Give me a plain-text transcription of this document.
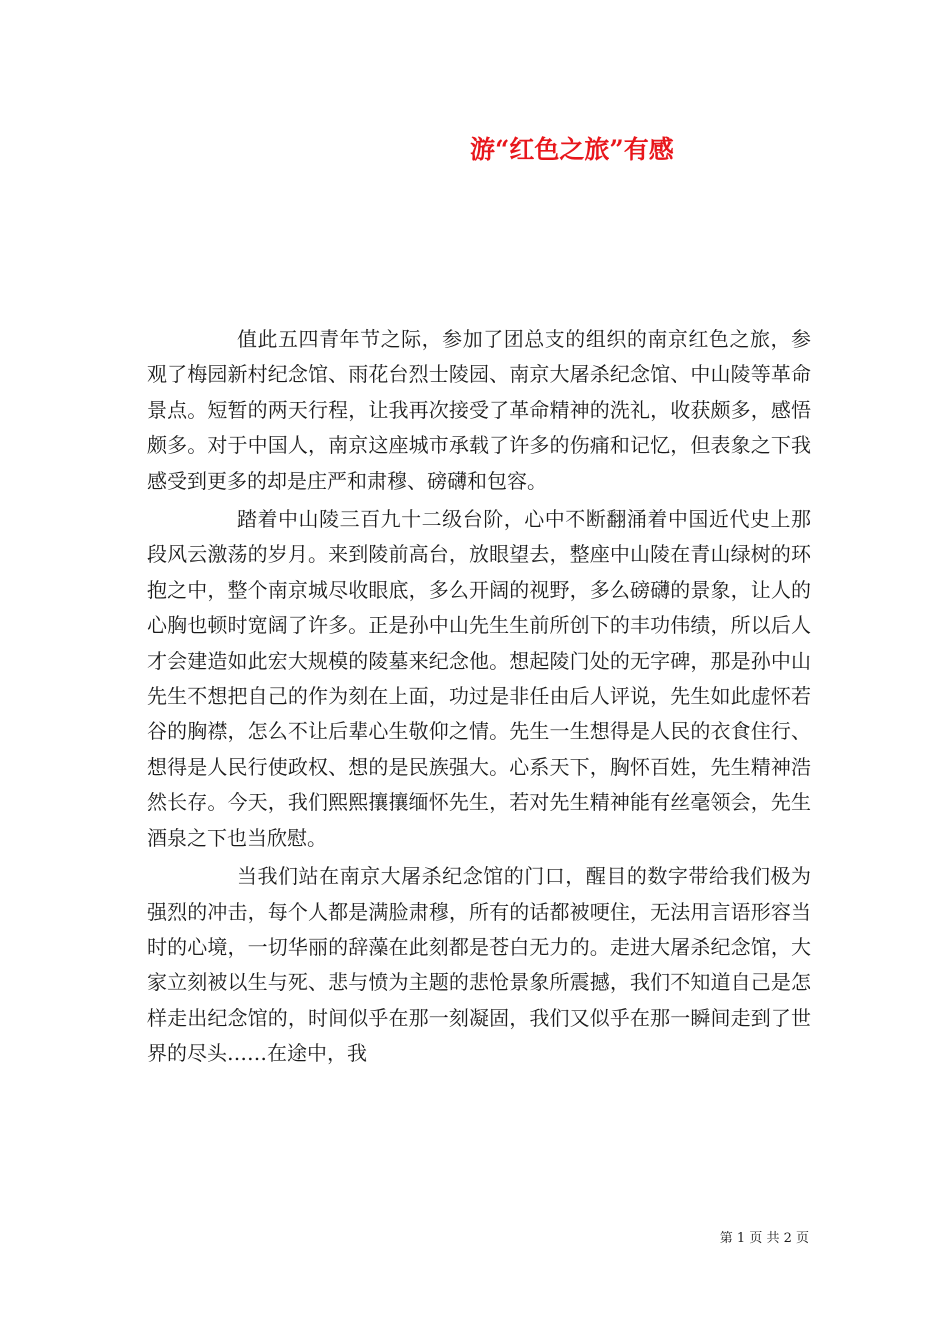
游“红色之旅”有感

值此五四青年节之际，参加了团总支的组织的南京红色之旅，参观了梅园新村纪念馆、雨花台烈士陵园、南京大屠杀纪念馆、中山陵等革命景点。短暂的两天行程，让我再次接受了革命精神的洗礼，收获颇多，感悟颇多。对于中国人，南京这座城市承载了许多的伤痛和记忆，但表象之下我感受到更多的却是庄严和肃穆、磅礴和包容。

踏着中山陵三百九十二级台阶，心中不断翻涌着中国近代史上那段风云激荡的岁月。来到陵前高台，放眼望去，整座中山陵在青山绿树的环抱之中，整个南京城尽收眼底，多么开阔的视野，多么磅礴的景象，让人的心胸也顿时宽阔了许多。正是孙中山先生生前所创下的丰功伟绩，所以后人才会建造如此宏大规模的陵墓来纪念他。想起陵门处的无字碑，那是孙中山先生不想把自己的作为刻在上面，功过是非任由后人评说，先生如此虚怀若谷的胸襟，怎么不让后辈心生敬仰之情。先生一生想得是人民的衣食住行、想得是人民行使政权、想的是民族强大。心系天下，胸怀百姓，先生精神浩然长存。今天，我们熙熙攘攘缅怀先生，若对先生精神能有丝毫领会，先生酒泉之下也当欣慰。

当我们站在南京大屠杀纪念馆的门口，醒目的数字带给我们极为强烈的冲击，每个人都是满脸肃穆，所有的话都被哽住，无法用言语形容当时的心境，一切华丽的辞藻在此刻都是苍白无力的。走进大屠杀纪念馆，大家立刻被以生与死、悲与愤为主题的悲怆景象所震撼，我们不知道自己是怎样走出纪念馆的，时间似乎在那一刻凝固，我们又似乎在那一瞬间走到了世界的尽头……在途中，我

第 1 页 共 2 页
